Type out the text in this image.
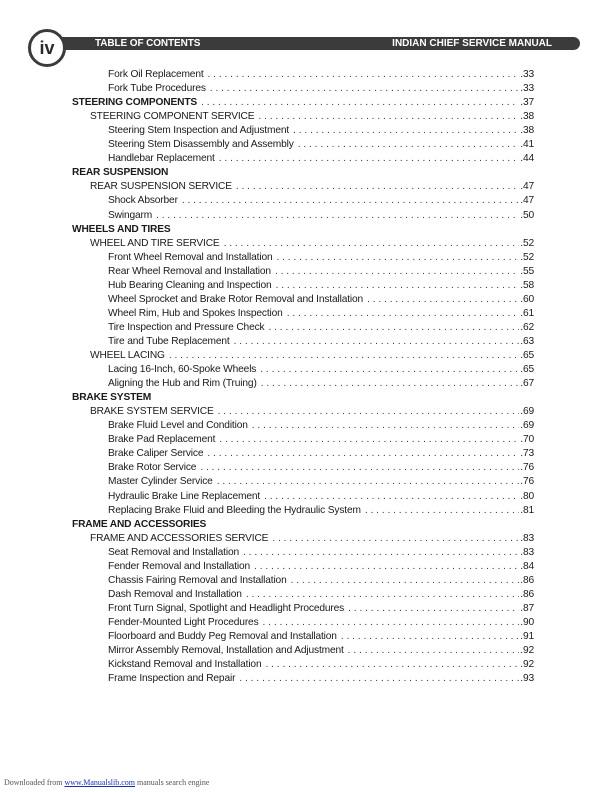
iv	TABLE OF CONTENTS	INDIAN CHIEF SERVICE MANUAL
Fork Oil Replacement . . .	.33
Fork Tube Procedures . . .	.33
STEERING COMPONENTS . . .	.37
STEERING COMPONENT SERVICE . . .	.38
Steering Stem Inspection and Adjustment . . .	.38
Steering Stem Disassembly and Assembly . . .	.41
Handlebar Replacement . . .	.44
REAR SUSPENSION
REAR SUSPENSION SERVICE . . .	.47
Shock Absorber . . .	.47
Swingarm . . .	.50
WHEELS AND TIRES
WHEEL AND TIRE SERVICE . . .	.52
Front Wheel Removal and Installation . . .	.52
Rear Wheel Removal and Installation . . .	.55
Hub Bearing Cleaning and Inspection . . .	.58
Wheel Sprocket and Brake Rotor Removal and Installation . . .	.60
Wheel Rim, Hub and Spokes Inspection . . .	.61
Tire Inspection and Pressure Check . . .	.62
Tire and Tube Replacement . . .	.63
WHEEL LACING . . .	.65
Lacing 16-Inch, 60-Spoke Wheels . . .	.65
Aligning the Hub and Rim (Truing) . . .	.67
BRAKE SYSTEM
BRAKE SYSTEM SERVICE . . .	.69
Brake Fluid Level and Condition . . .	.69
Brake Pad Replacement . . .	.70
Brake Caliper Service . . .	.73
Brake Rotor Service . . .	.76
Master Cylinder Service . . .	.76
Hydraulic Brake Line Replacement . . .	.80
Replacing Brake Fluid and Bleeding the Hydraulic System . . .	.81
FRAME AND ACCESSORIES
FRAME AND ACCESSORIES SERVICE . . .	.83
Seat Removal and Installation . . .	.83
Fender Removal and Installation . . .	.84
Chassis Fairing Removal and Installation . . .	.86
Dash Removal and Installation . . .	.86
Front Turn Signal, Spotlight and Headlight Procedures . . .	.87
Fender-Mounted Light Procedures . . .	.90
Floorboard and Buddy Peg Removal and Installation . . .	.91
Mirror Assembly Removal, Installation and Adjustment . . .	.92
Kickstand Removal and Installation . . .	.92
Frame Inspection and Repair . . .	.93
Downloaded from www.Manualslib.com manuals search engine
